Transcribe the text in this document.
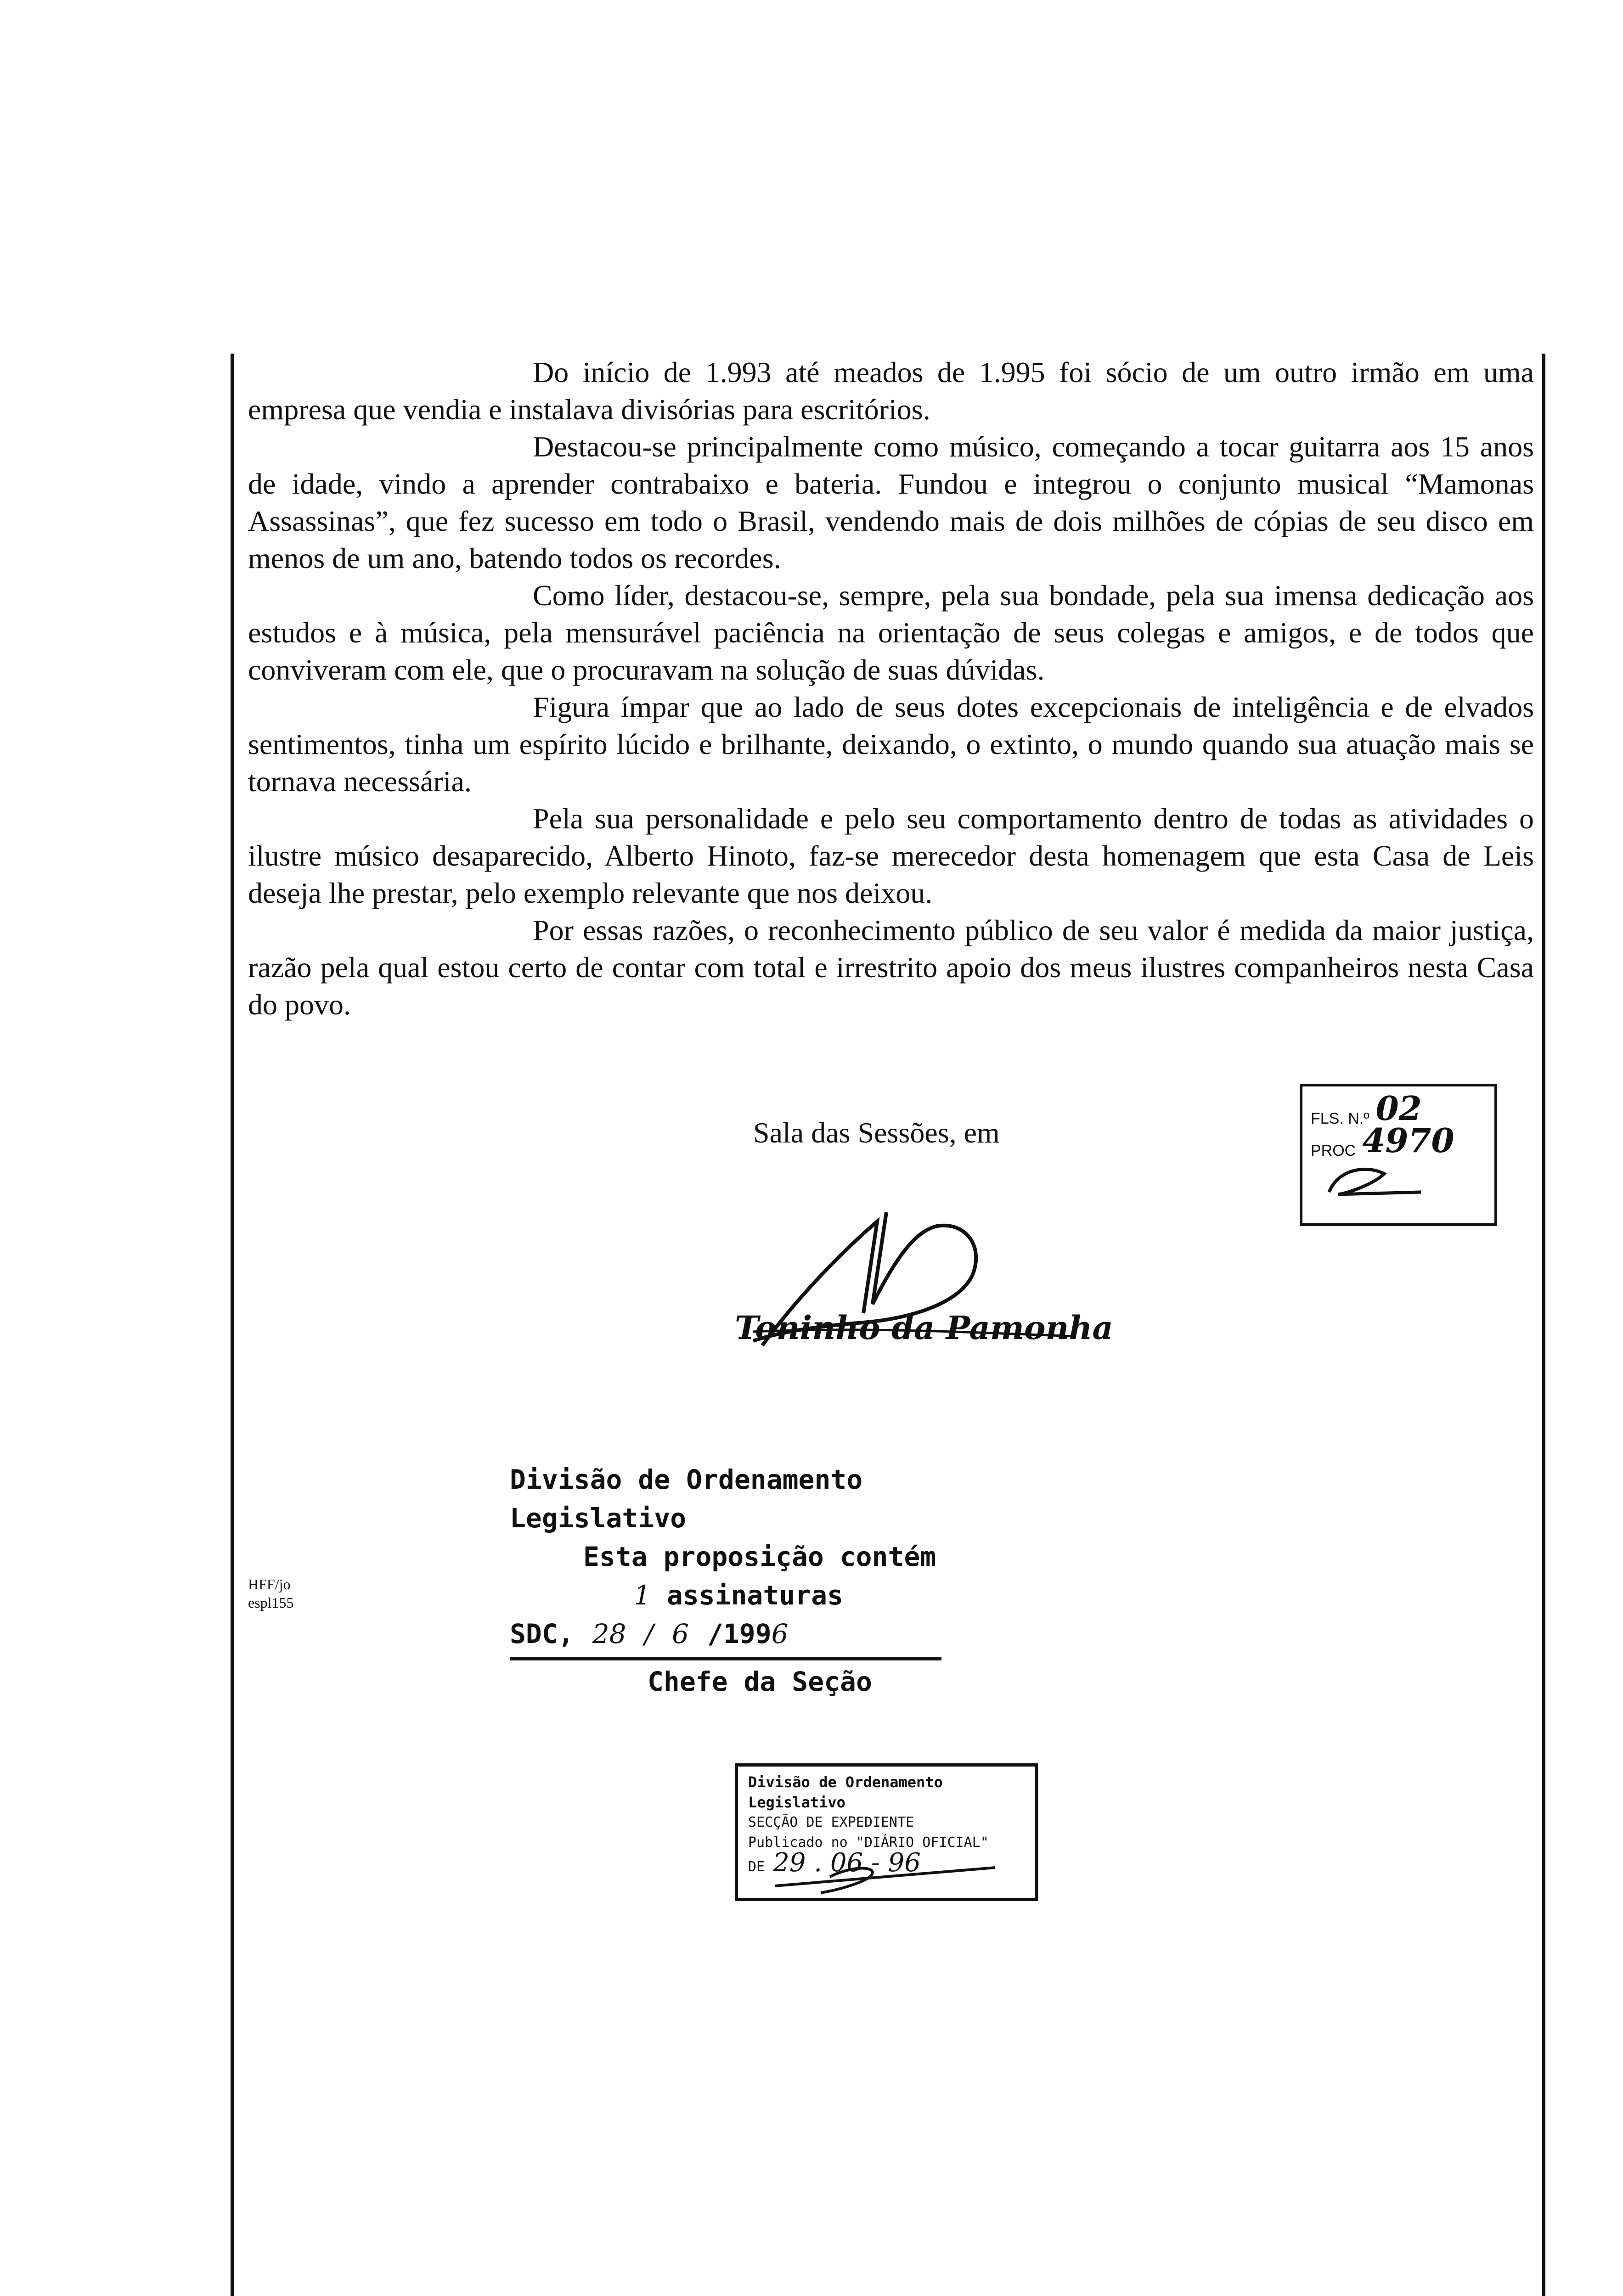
Do início de 1.993 até meados de 1.995 foi sócio de um outro irmão em uma empresa que vendia e instalava divisórias para escritórios.

Destacou-se principalmente como músico, começando a tocar guitarra aos 15 anos de idade, vindo a aprender contrabaixo e bateria. Fundou e integrou o conjunto musical “Mamonas Assassinas”, que fez sucesso em todo o Brasil, vendendo mais de dois milhões de cópias de seu disco em menos de um ano, batendo todos os recordes.

Como líder, destacou-se, sempre, pela sua bondade, pela sua imensa dedicação aos estudos e à música, pela mensurável paciência na orientação de seus colegas e amigos, e de todos que conviveram com ele, que o procuravam na solução de suas dúvidas.

Figura ímpar que ao lado de seus dotes excepcionais de inteligência e de elvados sentimentos, tinha um espírito lúcido e brilhante, deixando, o extinto, o mundo quando sua atuação mais se tornava necessária.

Pela sua personalidade e pelo seu comportamento dentro de todas as atividades o ilustre músico desaparecido, Alberto Hinoto, faz-se merecedor desta homenagem que esta Casa de Leis deseja lhe prestar, pelo exemplo relevante que nos deixou.

Por essas razões, o reconhecimento público de seu valor é medida da maior justiça, razão pela qual estou certo de contar com total e irrestrito apoio dos meus ilustres companheiros nesta Casa do povo.

Sala das Sessões, em	FLS. N.º 02
PROC 4970
Toninho da Pamonha
Divisão de Ordenamento Legislativo
Esta proposição contém
1 assinaturas
SDC, 28 / 6 /1996
Chefe da Seção
HFF/jo
espl155
Divisão de Ordenamento Legislativo
SECÇÃO DE EXPEDIENTE
Publicado no "DIÁRIO OFICIAL"
DE 29 . 06 - 96
